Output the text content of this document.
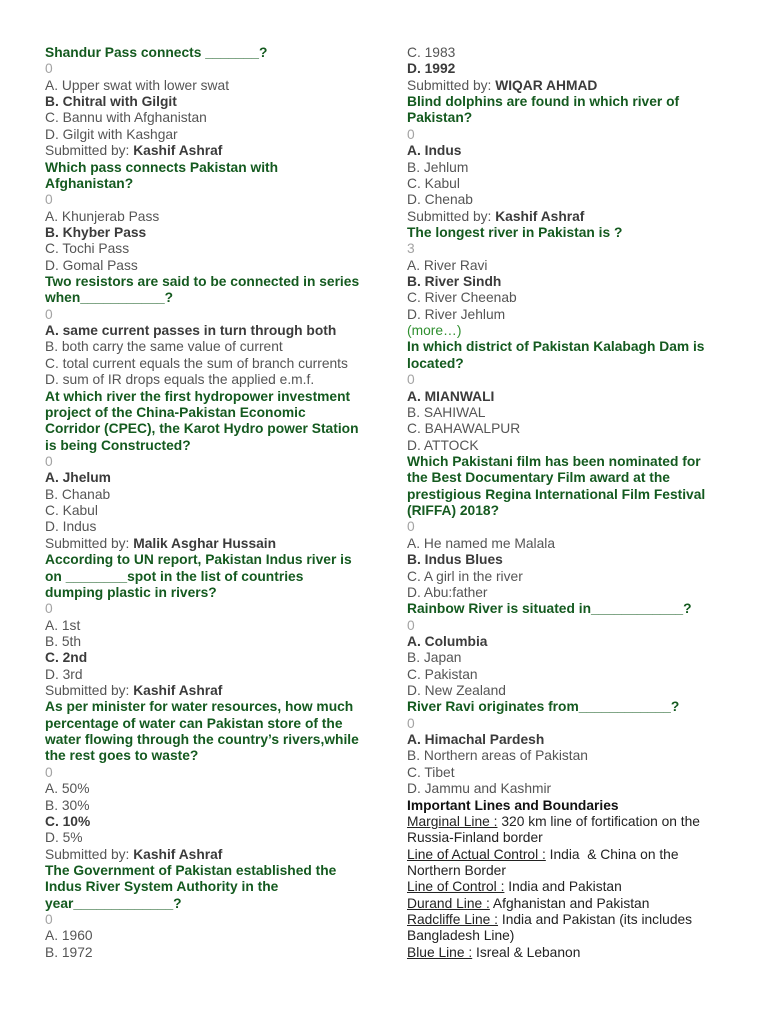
Shandur Pass connects _______?
0
A. Upper swat with lower swat
B. Chitral with Gilgit
C. Bannu with Afghanistan
D. Gilgit with Kashgar
Submitted by: Kashif Ashraf
Which pass connects Pakistan with
Afghanistan?
0
A. Khunjerab Pass
B. Khyber Pass
C. Tochi Pass
D. Gomal Pass
Two resistors are said to be connected in series
when___________?
0
A. same current passes in turn through both
B. both carry the same value of current
C. total current equals the sum of branch currents
D. sum of IR drops equals the applied e.m.f.
At which river the first hydropower investment
project of the China-Pakistan Economic
Corridor (CPEC), the Karot Hydro power Station
is being Constructed?
0
A. Jhelum
B. Chanab
C. Kabul
D. Indus
Submitted by: Malik Asghar Hussain
According to UN report, Pakistan Indus river is
on ________spot in the list of countries
dumping plastic in rivers?
0
A. 1st
B. 5th
C. 2nd
D. 3rd
Submitted by: Kashif Ashraf
As per minister for water resources, how much
percentage of water can Pakistan store of the
water flowing through the country’s rivers,while
the rest goes to waste?
0
A. 50%
B. 30%
C. 10%
D. 5%
Submitted by: Kashif Ashraf
The Government of Pakistan established the
Indus River System Authority in the
year_____________?
0
A. 1960
B. 1972
C. 1983
D. 1992
Submitted by: WIQAR AHMAD
Blind dolphins are found in which river of
Pakistan?
0
A. Indus
B. Jehlum
C. Kabul
D. Chenab
Submitted by: Kashif Ashraf
The longest river in Pakistan is ?
3
A. River Ravi
B. River Sindh
C. River Cheenab
D. River Jehlum
(more…)
In which district of Pakistan Kalabagh Dam is
located?
0
A. MIANWALI
B. SAHIWAL
C. BAHAWALPUR
D. ATTOCK
Which Pakistani film has been nominated for
the Best Documentary Film award at the
prestigious Regina International Film Festival
(RIFFA) 2018?
0
A. He named me Malala
B. Indus Blues
C. A girl in the river
D. Abu:father
Rainbow River is situated in____________?
0
A. Columbia
B. Japan
C. Pakistan
D. New Zealand
River Ravi originates from____________?
0
A. Himachal Pardesh
B. Northern areas of Pakistan
C. Tibet
D. Jammu and Kashmir
Important Lines and Boundaries
Marginal Line : 320 km line of fortification on the
Russia-Finland border
Line of Actual Control : India  & China on the
Northern Border
Line of Control : India and Pakistan
Durand Line : Afghanistan and Pakistan
Radcliffe Line : India and Pakistan (its includes
Bangladesh Line)
Blue Line : Isreal & Lebanon
